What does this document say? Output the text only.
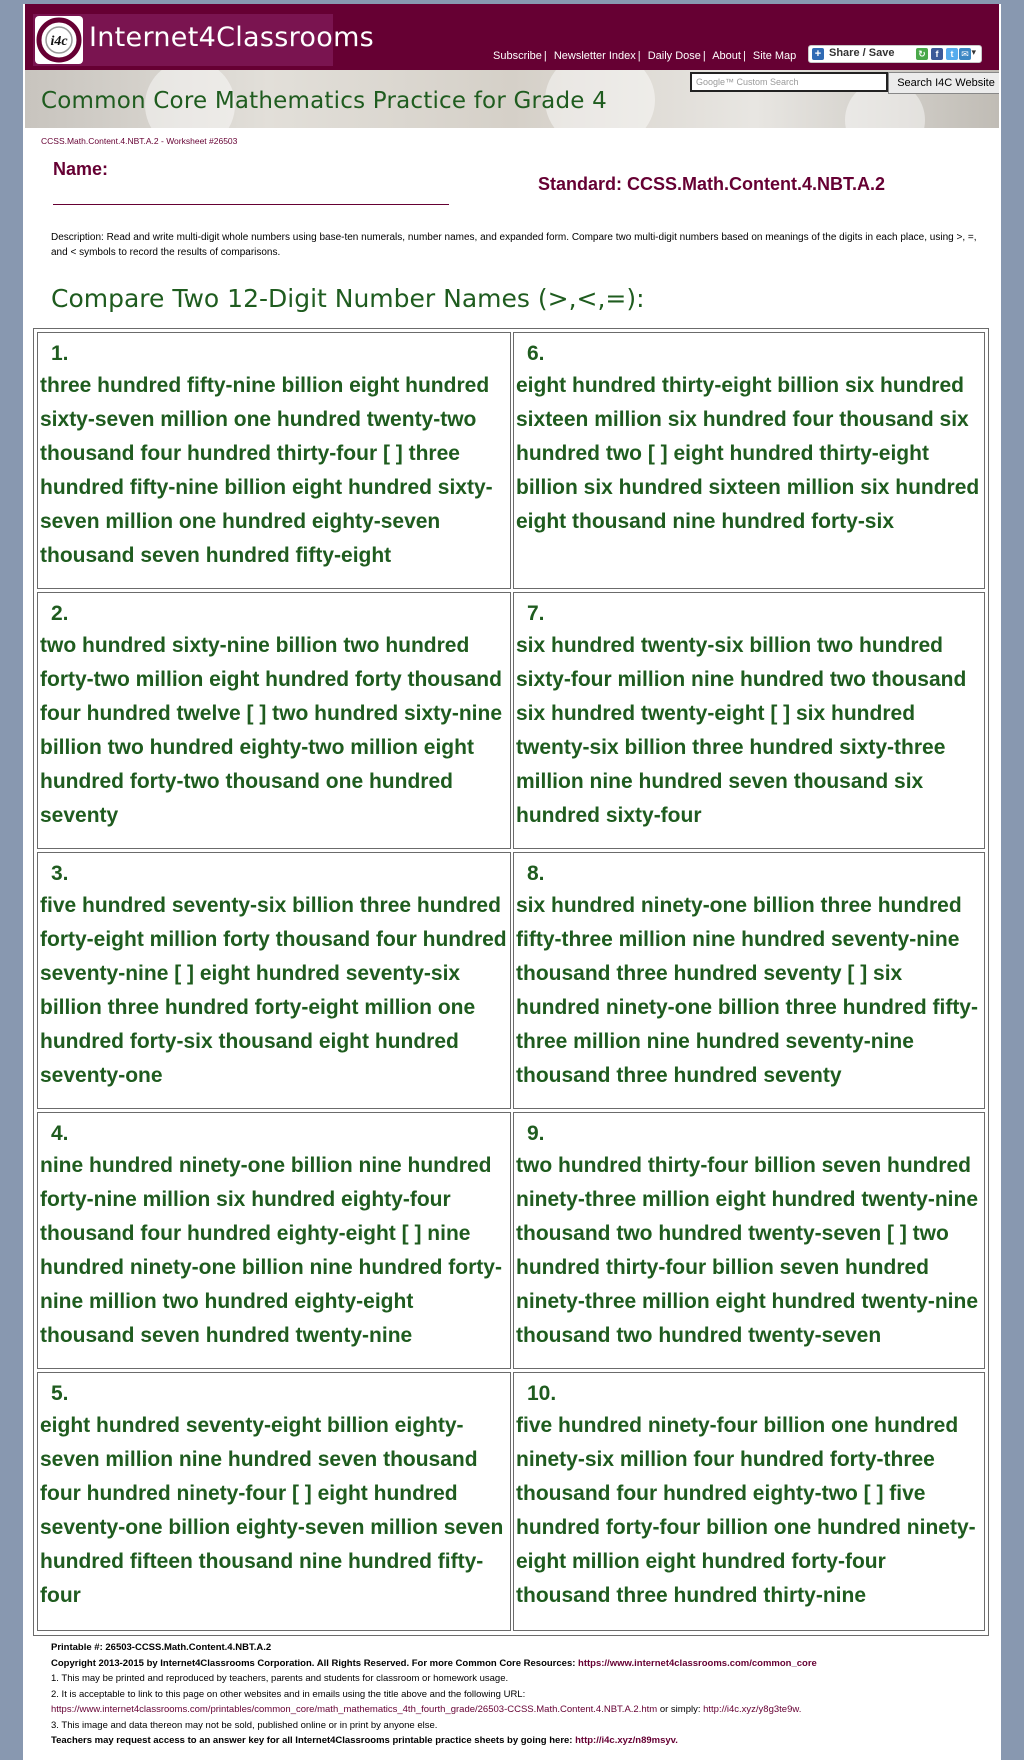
i4c Internet4Classrooms
Subscribe | Newsletter Index | Daily Dose | About | Site Map + Share / Save	↻	f	t ✉ ▾
Google™ Custom Search
Search I4C Website
Common Core Mathematics Practice for Grade 4
CCSS.Math.Content.4.NBT.A.2 - Worksheet #26503
Name:
Standard: CCSS.Math.Content.4.NBT.A.2
Description: Read and write multi-digit whole numbers using base-ten numerals, number names, and expanded form. Compare two multi-digit numbers based on meanings of the digits in each place, using >, =, and < symbols to record the results of comparisons.
Compare Two 12-Digit Number Names (>,<,=):
1.
three hundred fifty-nine billion eight hundred sixty-seven million one hundred twenty-two thousand four hundred thirty-four [ ] three hundred fifty-nine billion eight hundred sixty-seven million one hundred eighty-seven thousand seven hundred fifty-eight
6.
eight hundred thirty-eight billion six hundred sixteen million six hundred four thousand six hundred two [ ] eight hundred thirty-eight billion six hundred sixteen million six hundred eight thousand nine hundred forty-six
2.
two hundred sixty-nine billion two hundred forty-two million eight hundred forty thousand four hundred twelve [ ] two hundred sixty-nine billion two hundred eighty-two million eight hundred forty-two thousand one hundred seventy
7.
six hundred twenty-six billion two hundred sixty-four million nine hundred two thousand six hundred twenty-eight [ ] six hundred twenty-six billion three hundred sixty-three million nine hundred seven thousand six hundred sixty-four
3.
five hundred seventy-six billion three hundred forty-eight million forty thousand four hundred seventy-nine [ ] eight hundred seventy-six billion three hundred forty-eight million one hundred forty-six thousand eight hundred seventy-one
8.
six hundred ninety-one billion three hundred fifty-three million nine hundred seventy-nine thousand three hundred seventy [ ] six hundred ninety-one billion three hundred fifty-three million nine hundred seventy-nine thousand three hundred seventy
4.
nine hundred ninety-one billion nine hundred forty-nine million six hundred eighty-four thousand four hundred eighty-eight [ ] nine hundred ninety-one billion nine hundred forty-nine million two hundred eighty-eight thousand seven hundred twenty-nine
9.
two hundred thirty-four billion seven hundred ninety-three million eight hundred twenty-nine thousand two hundred twenty-seven [ ] two hundred thirty-four billion seven hundred ninety-three million eight hundred twenty-nine thousand two hundred twenty-seven
5.
eight hundred seventy-eight billion eighty-seven million nine hundred seven thousand four hundred ninety-four [ ] eight hundred seventy-one billion eighty-seven million seven hundred fifteen thousand nine hundred fifty-four
10.
five hundred ninety-four billion one hundred ninety-six million four hundred forty-three thousand four hundred eighty-two [ ] five hundred forty-four billion one hundred ninety-eight million eight hundred forty-four thousand three hundred thirty-nine
Printable #: 26503-CCSS.Math.Content.4.NBT.A.2
Copyright 2013-2015 by Internet4Classrooms Corporation. All Rights Reserved. For more Common Core Resources: https://www.internet4classrooms.com/common_core
1. This may be printed and reproduced by teachers, parents and students for classroom or homework usage.
2. It is acceptable to link to this page on other websites and in emails using the title above and the following URL:
https://www.internet4classrooms.com/printables/common_core/math_mathematics_4th_fourth_grade/26503-CCSS.Math.Content.4.NBT.A.2.htm or simply: http://i4c.xyz/y8g3te9w.
3. This image and data thereon may not be sold, published online or in print by anyone else.
Teachers may request access to an answer key for all Internet4Classrooms printable practice sheets by going here: http://i4c.xyz/n89msyv.
